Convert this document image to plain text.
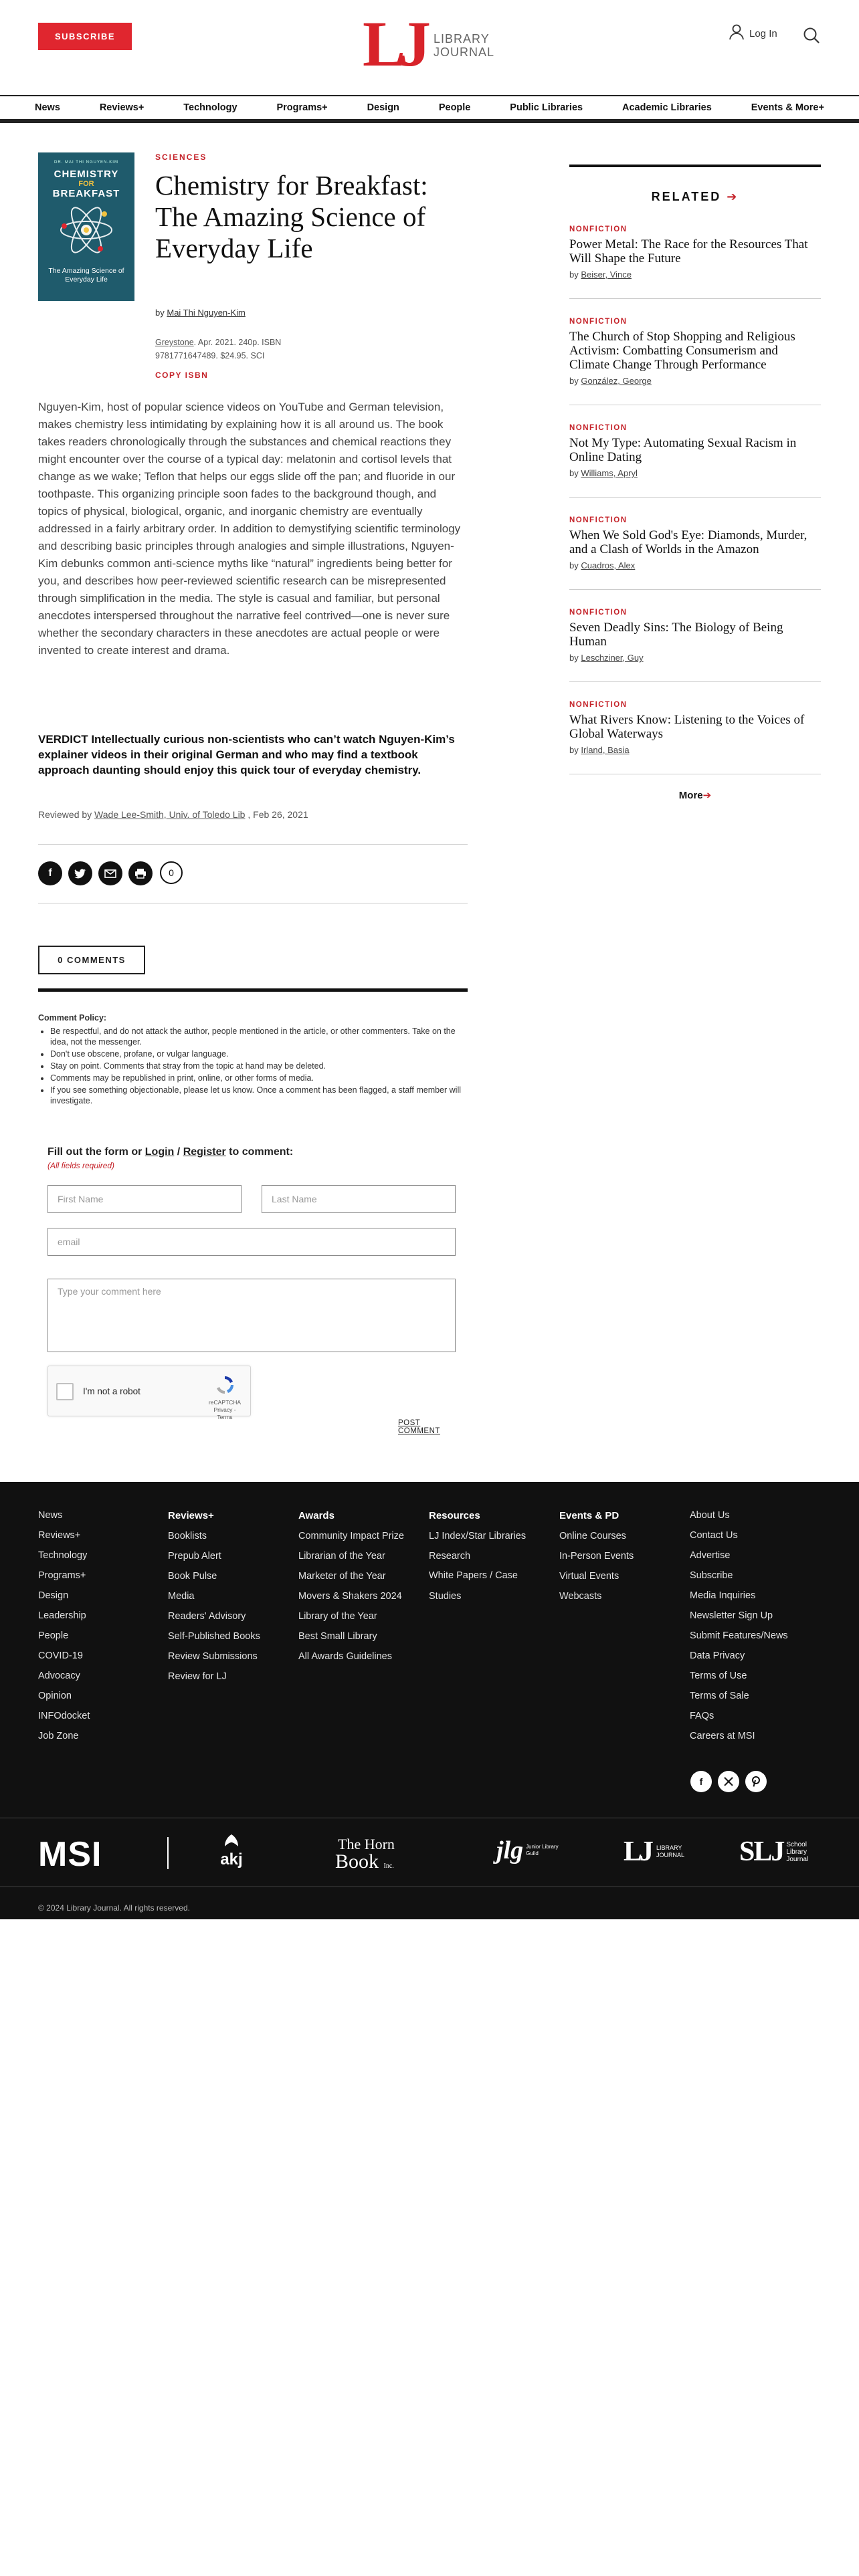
SUBSCRIBE	LJ LIBRARY
JOURNAL
Log In
News	Reviews+	Technology	Programs+	Design	People	Public Libraries	Academic Libraries	Events & More+
DR. MAI THI NGUYEN-KIM
CHEMISTRY
FOR
BREAKFAST
The Amazing Science of Everyday Life
SCIENCES
Chemistry for Breakfast: The Amazing Science of Everyday Life
by Mai Thi Nguyen-Kim
Greystone. Apr. 2021. 240p. ISBN 9781771647489. $24.95. SCI
COPY ISBN

Nguyen-Kim, host of popular science videos on YouTube and German television, makes chemistry less intimidating by explaining how it is all around us. The book takes readers chronologically through the substances and chemical reactions they might encounter over the course of a typical day: melatonin and cortisol levels that change as we wake; Teflon that helps our eggs slide off the pan; and fluoride in our toothpaste. This organizing principle soon fades to the background though, and topics of physical, biological, organic, and inorganic chemistry are eventually addressed in a fairly arbitrary order. In addition to demystifying scientific terminology and describing basic principles through analogies and simple illustrations, Nguyen-Kim debunks common anti-science myths like “natural” ingredients being better for you, and describes how peer-reviewed scientific research can be misrepresented through simplification in the media. The style is casual and familiar, but personal anecdotes interspersed throughout the narrative feel contrived—one is never sure whether the secondary characters in these anecdotes are actual people or were invented to create interest and drama.

VERDICT Intellectually curious non-scientists who can’t watch Nguyen-Kim’s explainer videos in their original German and who may find a textbook approach daunting should enjoy this quick tour of everyday chemistry.

Reviewed by Wade Lee-Smith, Univ. of Toledo Lib , Feb 26, 2021
f	0
0 COMMENTS
Comment Policy:
• Be respectful, and do not attack the author, people mentioned in the article, or other commenters. Take on the idea, not the messenger.
• Don't use obscene, profane, or vulgar language.
• Stay on point. Comments that stray from the topic at hand may be deleted.
• Comments may be republished in print, online, or other forms of media.
• If you see something objectionable, please let us know. Once a comment has been flagged, a staff member will investigate.
Fill out the form or Login / Register to comment:
(All fields required)
First Name
Last Name
email
Type your comment here
I'm not a robot
reCAPTCHA
Privacy - Terms
POST COMMENT
RELATED ➔
NONFICTION
Power Metal: The Race for the Resources That Will Shape the Future
by Beiser, Vince
NONFICTION
The Church of Stop Shopping and Religious Activism: Combatting Consumerism and Climate Change Through Performance
by González, George
NONFICTION
Not My Type: Automating Sexual Racism in Online Dating
by Williams, Apryl
NONFICTION
When We Sold God's Eye: Diamonds, Murder, and a Clash of Worlds in the Amazon
by Cuadros, Alex
NONFICTION
Seven Deadly Sins: The Biology of Being Human
by Leschziner, Guy
NONFICTION
What Rivers Know: Listening to the Voices of Global Waterways
by Irland, Basia
More➔
News
Reviews+
Technology
Programs+
Design
Leadership
People
COVID-19
Advocacy
Opinion
INFOdocket
Job Zone
Reviews+
Booklists
Prepub Alert
Book Pulse
Media
Readers' Advisory
Self-Published Books
Review Submissions
Review for LJ
Awards
Community Impact Prize
Librarian of the Year
Marketer of the Year
Movers & Shakers 2024
Library of the Year
Best Small Library
All Awards Guidelines
Resources
LJ Index/Star Libraries
Research
White Papers / Case Studies
Events & PD
Online Courses
In-Person Events
Virtual Events
Webcasts
About Us
Contact Us
Advertise
Subscribe
Media Inquiries
Newsletter Sign Up
Submit Features/News
Data Privacy
Terms of Use
Terms of Sale
FAQs
Careers at MSI
f
MSI	akj
The Horn
Book Inc.
jlg Junior Library Guild	LJ LIBRARY
JOURNAL SLJ School
Library
Journal
© 2024 Library Journal. All rights reserved.
